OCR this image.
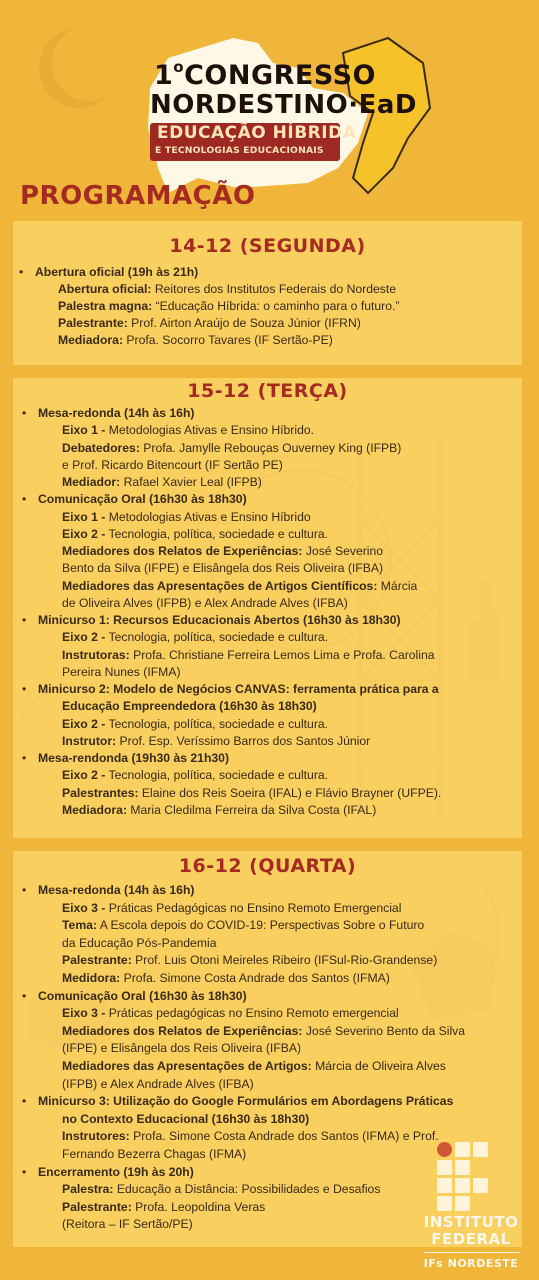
1$^o$CONGRESSO
NORDESTINO·EaD
EDUCAÇÃO HÍBRIDA
E TECNOLOGIAS EDUCACIONAIS
PROGRAMAÇÃO
14-12 (SEGUNDA)
• Abertura oficial (19h às 21h)
Abertura oficial: Reitores dos Institutos Federais do Nordeste
Palestra magna: “Educação Híbrida: o caminho para o futuro.”
Palestrante: Prof. Airton Araújo de Souza Júnior (IFRN)
Mediadora: Profa. Socorro Tavares (IF Sertão-PE)
15-12 (TERÇA)
• Mesa-redonda (14h às 16h)
Eixo 1 - Metodologias Ativas e Ensino Híbrido.
Debatedores: Profa. Jamylle Rebouças Ouverney King (IFPB)
e Prof. Ricardo Bitencourt (IF Sertão PE)
Mediador: Rafael Xavier Leal (IFPB)
• Comunicação Oral (16h30 às 18h30)
Eixo 1 - Metodologias Ativas e Ensino Híbrido
Eixo 2 - Tecnologia, política, sociedade e cultura.
Mediadores dos Relatos de Experiências: José Severino
Bento da Silva (IFPE) e Elisângela dos Reis Oliveira (IFBA)
Mediadores das Apresentações de Artigos Científicos: Márcia
de Oliveira Alves (IFPB) e Alex Andrade Alves (IFBA)
• Minicurso 1: Recursos Educacionais Abertos (16h30 às 18h30)
Eixo 2 - Tecnologia, política, sociedade e cultura.
Instrutoras: Profa. Christiane Ferreira Lemos Lima e Profa. Carolina
Pereira Nunes (IFMA)
• Minicurso 2: Modelo de Negócios CANVAS: ferramenta prática para a
Educação Empreendedora (16h30 às 18h30)
Eixo 2 - Tecnologia, política, sociedade e cultura.
Instrutor: Prof. Esp. Veríssimo Barros dos Santos Júnior
• Mesa-rendonda (19h30 às 21h30)
Eixo 2 - Tecnologia, política, sociedade e cultura.
Palestrantes: Elaine dos Reis Soeira (IFAL) e Flávio Brayner (UFPE).
Mediadora: Maria Cledilma Ferreira da Silva Costa (IFAL)
16-12 (QUARTA)
• Mesa-redonda (14h às 16h)
Eixo 3 - Práticas Pedagógicas no Ensino Remoto Emergencial
Tema: A Escola depois do COVID-19: Perspectivas Sobre o Futuro
da Educação Pós-Pandemia
Palestrante: Prof. Luis Otoni Meireles Ribeiro (IFSul-Rio-Grandense)
Medidora: Profa. Simone Costa Andrade dos Santos (IFMA)
• Comunicação Oral (16h30 às 18h30)
Eixo 3 - Práticas pedagógicas no Ensino Remoto emergencial
Mediadores dos Relatos de Experiências: José Severino Bento da Silva
(IFPE) e Elisângela dos Reis Oliveira (IFBA)
Mediadores das Apresentações de Artigos: Márcia de Oliveira Alves
(IFPB) e Alex Andrade Alves (IFBA)
• Minicurso 3: Utilização do Google Formulários em Abordagens Práticas
no Contexto Educacional (16h30 às 18h30)
Instrutores: Profa. Simone Costa Andrade dos Santos (IFMA) e Prof.
Fernando Bezerra Chagas (IFMA)
• Encerramento (19h às 20h)
Palestra: Educação a Distância: Possibilidades e Desafios
Palestrante: Profa. Leopoldina Veras
(Reitora – IF Sertão/PE)	INSTITUTO
FEDERAL
IFs NORDESTE
